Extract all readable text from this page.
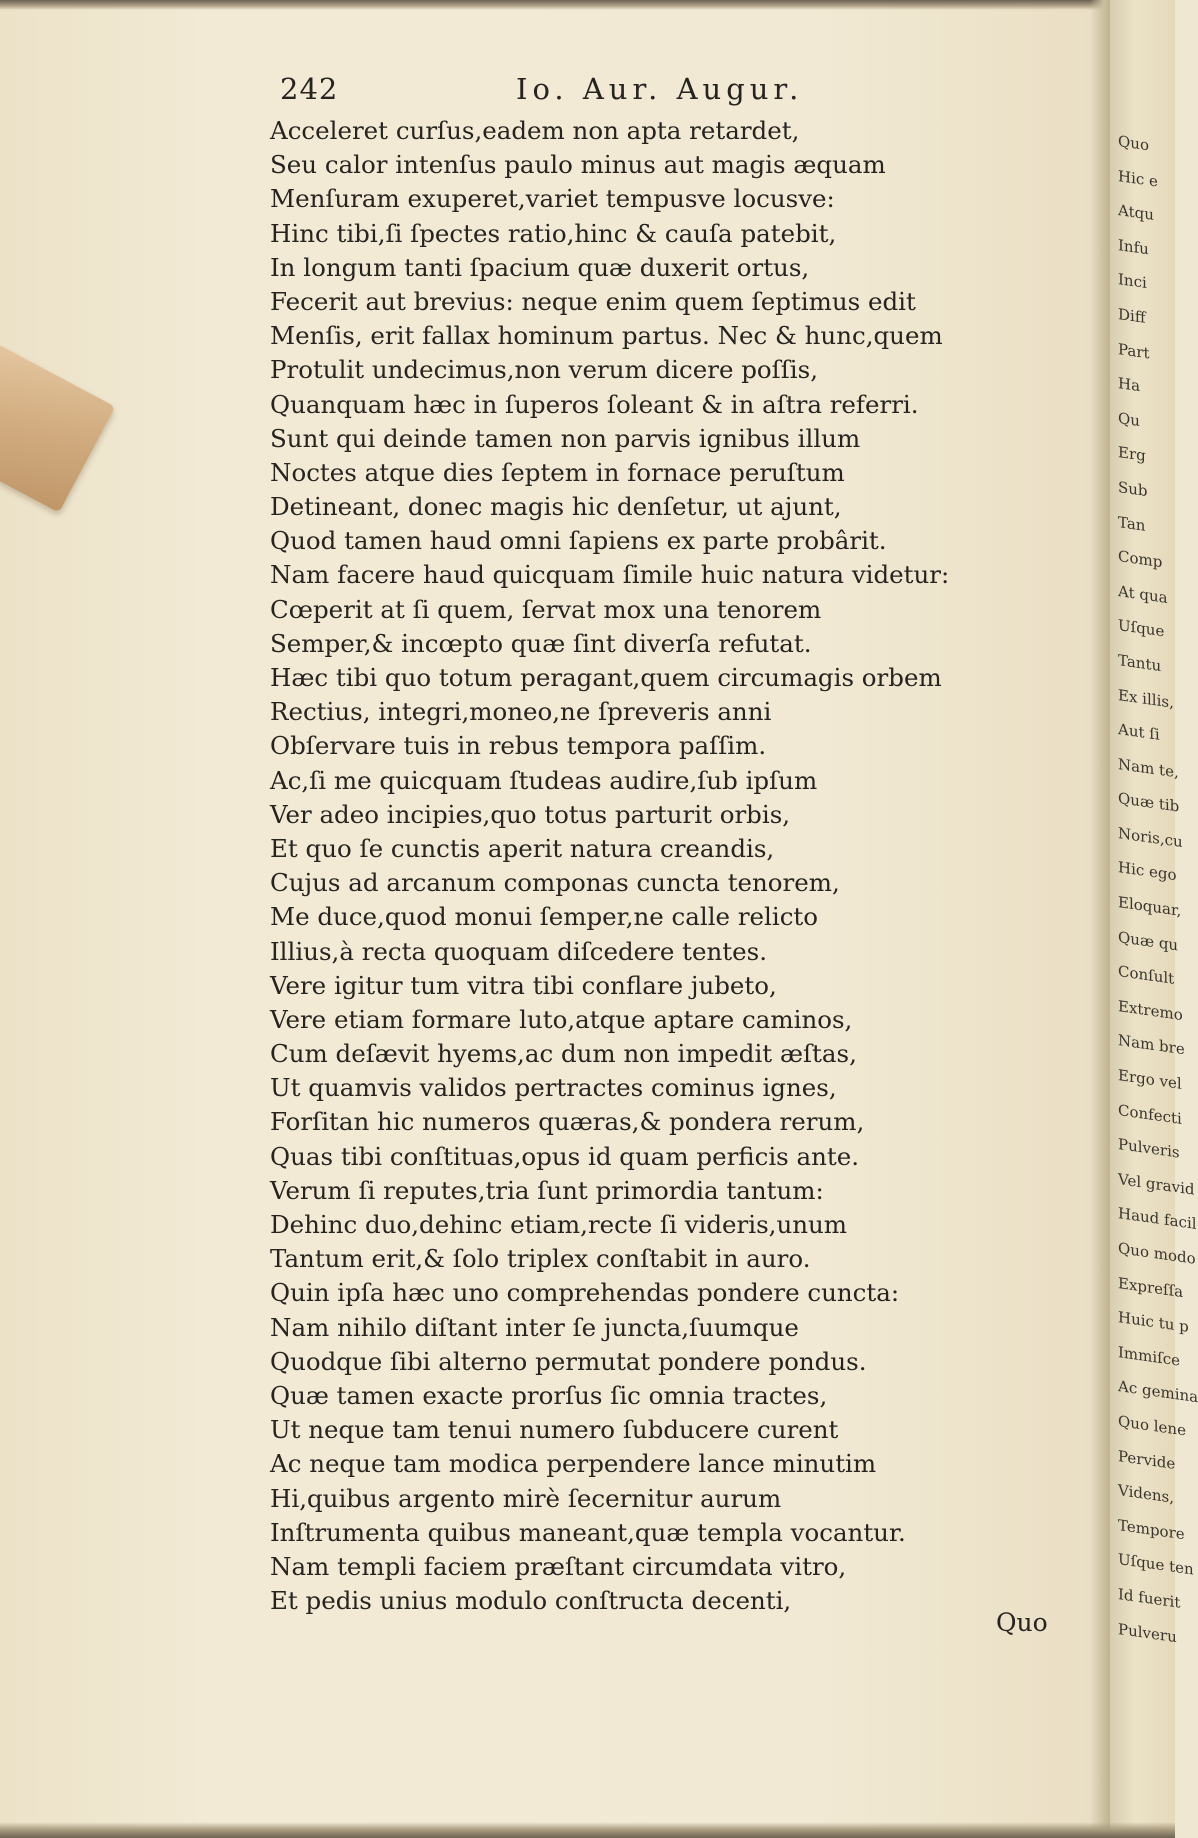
242	Io. Aur. Augur.
Acceleret curſus,eadem non apta retardet,
Seu calor intenſus paulo minus aut magis æquam
Menſuram exuperet,variet tempusve locusve:
Hinc tibi,ſi ſpectes ratio,hinc & cauſa patebit,
In longum tanti ſpacium quæ duxerit ortus,
Fecerit aut brevius: neque enim quem ſeptimus edit
Menſis, erit fallax hominum partus. Nec & hunc,quem
Protulit undecimus,non verum dicere poſſis,
Quanquam hæc in ſuperos ſoleant & in aſtra referri.
Sunt qui deinde tamen non parvis ignibus illum
Noctes atque dies ſeptem in fornace peruſtum
Detineant, donec magis hic denſetur, ut ajunt,
Quod tamen haud omni ſapiens ex parte probârit.
Nam facere haud quicquam ſimile huic natura videtur:
Cœperit at ſi quem, ſervat mox una tenorem
Semper,& incœpto quæ ſint diverſa refutat.
Hæc tibi quo totum peragant,quem circumagis orbem
Rectius, integri,moneo,ne ſpreveris anni
Obſervare tuis in rebus tempora paſſim.
Ac,ſi me quicquam ſtudeas audire,ſub ipſum
Ver adeo incipies,quo totus parturit orbis,
Et quo ſe cunctis aperit natura creandis,
Cujus ad arcanum componas cuncta tenorem,
Me duce,quod monui ſemper,ne calle relicto
Illius,à recta quoquam diſcedere tentes.
Vere igitur tum vitra tibi conflare jubeto,
Vere etiam formare luto,atque aptare caminos,
Cum deſævit hyems,ac dum non impedit æſtas,
Ut quamvis validos pertractes cominus ignes,
Forſitan hic numeros quæras,& pondera rerum,
Quas tibi conſtituas,opus id quam perficis ante.
Verum ſi reputes,tria ſunt primordia tantum:
Dehinc duo,dehinc etiam,recte ſi videris,unum
Tantum erit,& ſolo triplex conſtabit in auro.
Quin ipſa hæc uno comprehendas pondere cuncta:
Nam nihilo diſtant inter ſe juncta,ſuumque
Quodque ſibi alterno permutat pondere pondus.
Quæ tamen exacte prorſus ſic omnia tractes,
Ut neque tam tenui numero ſubducere curent
Ac neque tam modica perpendere lance minutim
Hi,quibus argento mirè ſecernitur aurum
Inſtrumenta quibus maneant,quæ templa vocantur.
Nam templi faciem præſtant circumdata vitro,
Et pedis unius modulo conſtructa decenti,
Quo
Quo
Hic e
Atqu
Infu
Inci
Diff
Part
Ha
Qu
Erg
Sub
Tan
Comp
At qua
Uſque
Tantu
Ex illis,
Aut ſi
Nam te,
Quæ tib
Noris,cu
Hic ego
Eloquar,
Quæ qu
Conſult
Extremo
Nam bre
Ergo vel
Confecti
Pulveris
Vel gravid
Haud facil
Quo modo
Expreſſa
Huic tu p
Immiſce
Ac gemina
Quo lene
Pervide
Videns,
Tempore
Uſque ten
Id fuerit
Pulveru
